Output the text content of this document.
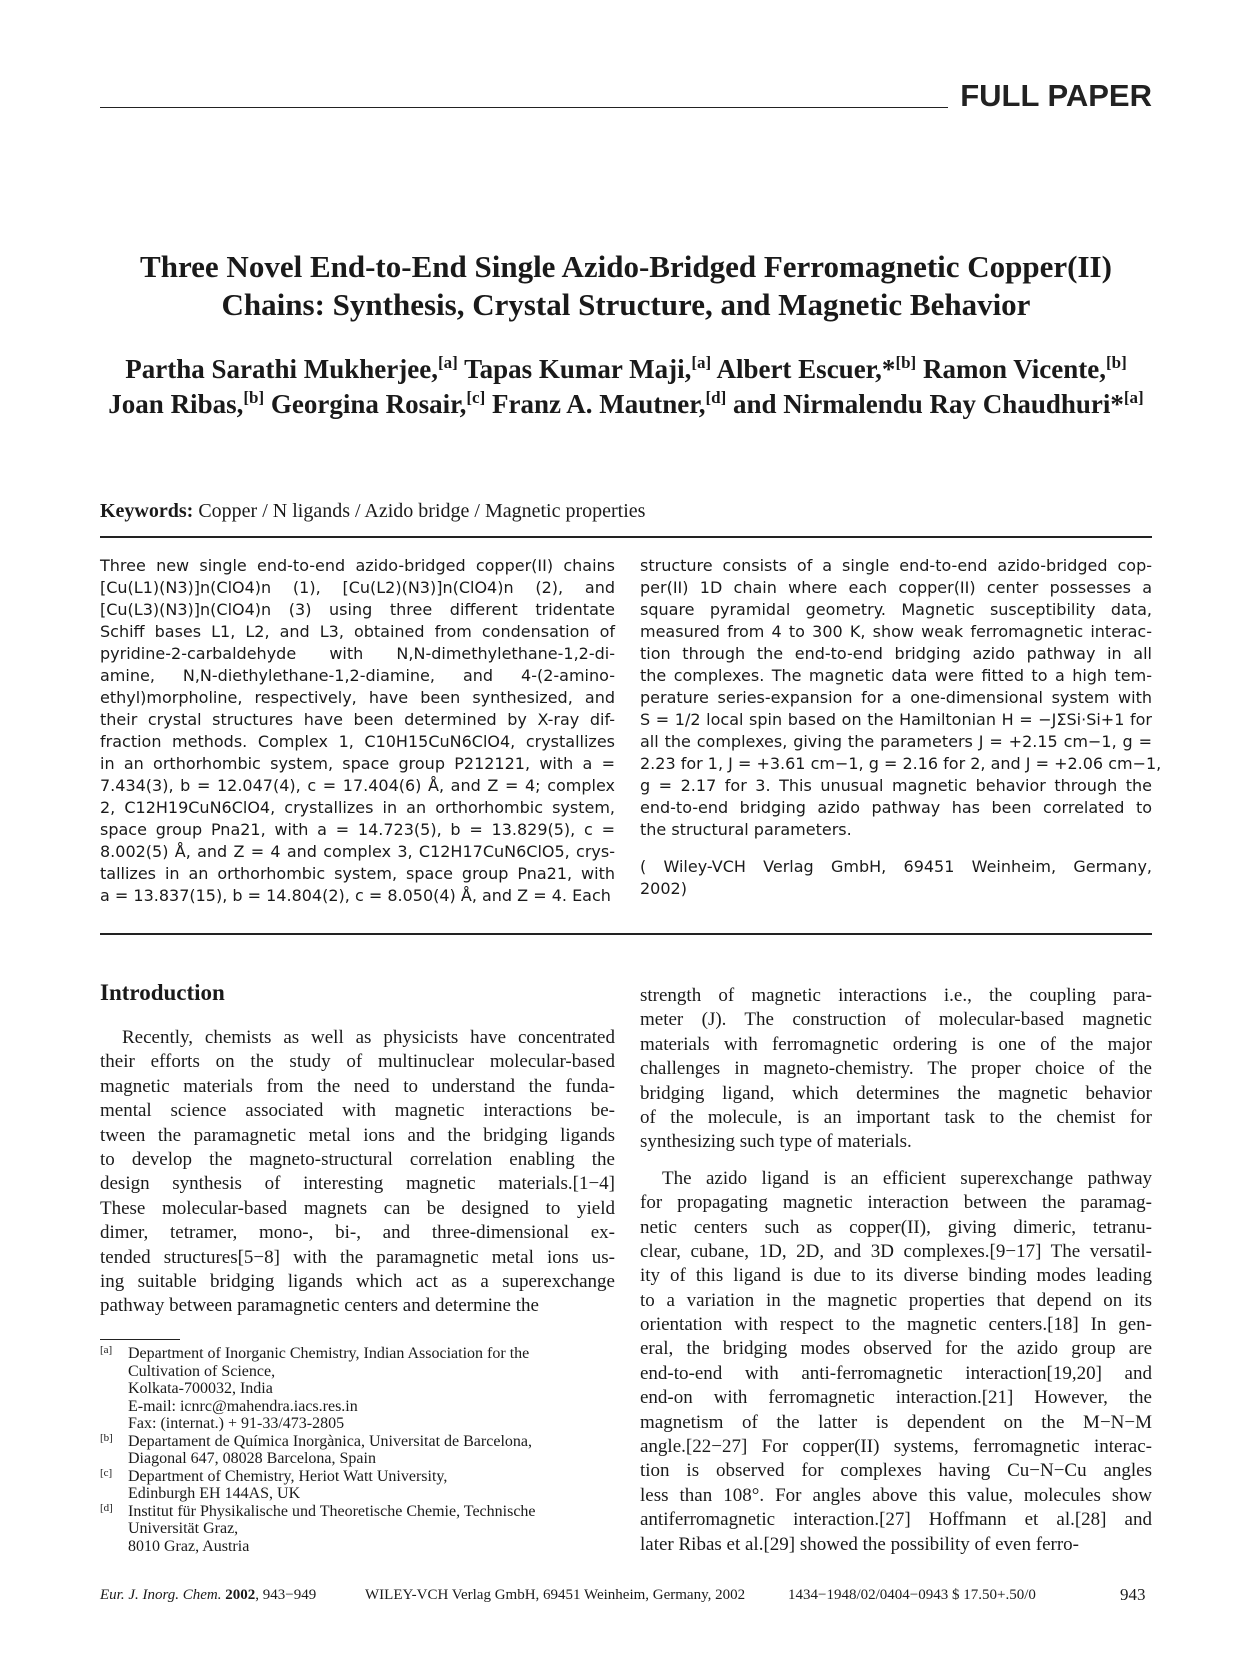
FULL PAPER
Three Novel End-to-End Single Azido-Bridged Ferromagnetic Copper(II)
Chains: Synthesis, Crystal Structure, and Magnetic Behavior
Partha Sarathi Mukherjee,[a] Tapas Kumar Maji,[a] Albert Escuer,*[b] Ramon Vicente,[b]
Joan Ribas,[b] Georgina Rosair,[c] Franz A. Mautner,[d] and Nirmalendu Ray Chaudhuri*[a]
Keywords: Copper / N ligands / Azido bridge / Magnetic properties
Three new single end-to-end azido-bridged copper(II) chains
[Cu(L1)(N3)]n(ClO4)n (1), [Cu(L2)(N3)]n(ClO4)n (2), and
[Cu(L3)(N3)]n(ClO4)n (3) using three different tridentate
Schiff bases L1, L2, and L3, obtained from condensation of
pyridine-2-carbaldehyde with N,N-dimethylethane-1,2-di-
amine, N,N-diethylethane-1,2-diamine, and 4-(2-amino-
ethyl)morpholine, respectively, have been synthesized, and
their crystal structures have been determined by X-ray dif-
fraction methods. Complex 1, C10H15CuN6ClO4, crystallizes
in an orthorhombic system, space group P212121, with a =
7.434(3), b = 12.047(4), c = 17.404(6) Å, and Z = 4; complex
2, C12H19CuN6ClO4, crystallizes in an orthorhombic system,
space group Pna21, with a = 14.723(5), b = 13.829(5), c =
8.002(5) Å, and Z = 4 and complex 3, C12H17CuN6ClO5, crys-
tallizes in an orthorhombic system, space group Pna21, with
a = 13.837(15), b = 14.804(2), c = 8.050(4) Å, and Z = 4. Each
structure consists of a single end-to-end azido-bridged cop-
per(II) 1D chain where each copper(II) center possesses a
square pyramidal geometry. Magnetic susceptibility data,
measured from 4 to 300 K, show weak ferromagnetic interac-
tion through the end-to-end bridging azido pathway in all
the complexes. The magnetic data were fitted to a high tem-
perature series-expansion for a one-dimensional system with
S = 1/2 local spin based on the Hamiltonian H = −JΣSi·Si+1 for
all the complexes, giving the parameters J = +2.15 cm−1, g =
2.23 for 1, J = +3.61 cm−1, g = 2.16 for 2, and J = +2.06 cm−1,
g = 2.17 for 3. This unusual magnetic behavior through the
end-to-end bridging azido pathway has been correlated to
the structural parameters.
( Wiley-VCH Verlag GmbH, 69451 Weinheim, Germany,
2002)
Introduction
Recently, chemists as well as physicists have concentrated
their efforts on the study of multinuclear molecular-based
magnetic materials from the need to understand the funda-
mental science associated with magnetic interactions be-
tween the paramagnetic metal ions and the bridging ligands
to develop the magneto-structural correlation enabling the
design synthesis of interesting magnetic materials.[1−4]
These molecular-based magnets can be designed to yield
dimer, tetramer, mono-, bi-, and three-dimensional ex-
tended structures[5−8] with the paramagnetic metal ions us-
ing suitable bridging ligands which act as a superexchange
pathway between paramagnetic centers and determine the
strength of magnetic interactions i.e., the coupling para-
meter (J). The construction of molecular-based magnetic
materials with ferromagnetic ordering is one of the major
challenges in magneto-chemistry. The proper choice of the
bridging ligand, which determines the magnetic behavior
of the molecule, is an important task to the chemist for
synthesizing such type of materials.
The azido ligand is an efficient superexchange pathway
for propagating magnetic interaction between the paramag-
netic centers such as copper(II), giving dimeric, tetranu-
clear, cubane, 1D, 2D, and 3D complexes.[9−17] The versatil-
ity of this ligand is due to its diverse binding modes leading
to a variation in the magnetic properties that depend on its
orientation with respect to the magnetic centers.[18] In gen-
eral, the bridging modes observed for the azido group are
end-to-end with anti-ferromagnetic interaction[19,20] and
end-on with ferromagnetic interaction.[21] However, the
magnetism of the latter is dependent on the M−N−M
angle.[22−27] For copper(II) systems, ferromagnetic interac-
tion is observed for complexes having Cu−N−Cu angles
less than 108°. For angles above this value, molecules show
antiferromagnetic interaction.[27] Hoffmann et al.[28] and
later Ribas et al.[29] showed the possibility of even ferro-
[a] Department of Inorganic Chemistry, Indian Association for the
Cultivation of Science,
Kolkata-700032, India
E-mail: icnrc@mahendra.iacs.res.in
Fax: (internat.) + 91-33/473-2805
[b] Departament de Química Inorgànica, Universitat de Barcelona,
Diagonal 647, 08028 Barcelona, Spain
[c] Department of Chemistry, Heriot Watt University,
Edinburgh EH 144AS, UK
[d] Institut für Physikalische und Theoretische Chemie, Technische
Universität Graz,
8010 Graz, Austria
Eur. J. Inorg. Chem. 2002, 943−949	WILEY-VCH Verlag GmbH, 69451 Weinheim, Germany, 2002	1434−1948/02/0404−0943 $ 17.50+.50/0	943
